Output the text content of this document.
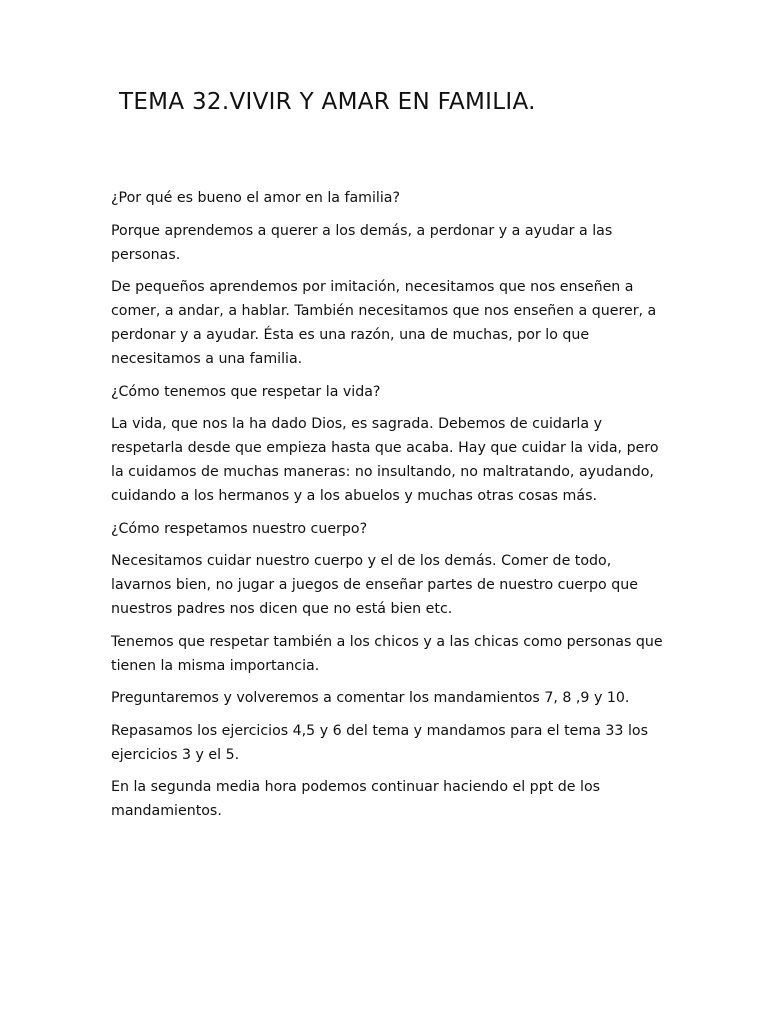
TEMA 32.VIVIR Y AMAR EN FAMILIA.

¿Por qué es bueno el amor en la familia?

Porque aprendemos a querer a los demás, a perdonar y a ayudar a las personas.

De pequeños aprendemos por imitación, necesitamos que nos enseñen a comer, a andar, a hablar. También necesitamos que nos enseñen a querer, a perdonar y a ayudar. Ésta es una razón, una de muchas, por lo que necesitamos a una familia.

¿Cómo tenemos que respetar la vida?

La vida, que nos la ha dado Dios, es sagrada. Debemos de cuidarla y respetarla desde que empieza hasta que acaba. Hay que cuidar la vida, pero la cuidamos de muchas maneras: no insultando, no maltratando, ayudando, cuidando a los hermanos y a los abuelos y muchas otras cosas más.

¿Cómo respetamos nuestro cuerpo?

Necesitamos cuidar nuestro cuerpo y el de los demás. Comer de todo, lavarnos bien, no jugar a juegos de enseñar partes de nuestro cuerpo que nuestros padres nos dicen que no está bien etc.

Tenemos que respetar también a los chicos y a las chicas como personas que tienen la misma importancia.

Preguntaremos y volveremos a comentar los mandamientos 7, 8 ,9 y 10.

Repasamos los ejercicios 4,5 y 6 del tema y mandamos para el tema 33 los ejercicios 3 y el 5.

En la segunda media hora podemos continuar haciendo el ppt de los mandamientos.
